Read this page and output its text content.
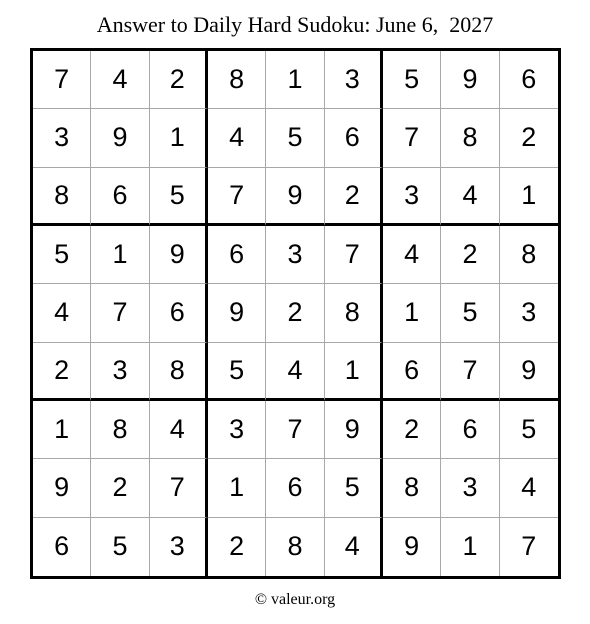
Answer to Daily Hard Sudoku: June 6,  2027
7	4	2	8	1	3	5	9	6
3	9	1	4	5	6	7	8	2
8	6	5	7	9	2	3	4	1
5	1	9	6	3	7	4	2	8
4	7	6	9	2	8	1	5	3
2	3	8	5	4	1	6	7	9
1	8	4	3	7	9	2	6	5
9	2	7	1	6	5	8	3	4
6	5	3	2	8	4	9	1	7
© valeur.org
